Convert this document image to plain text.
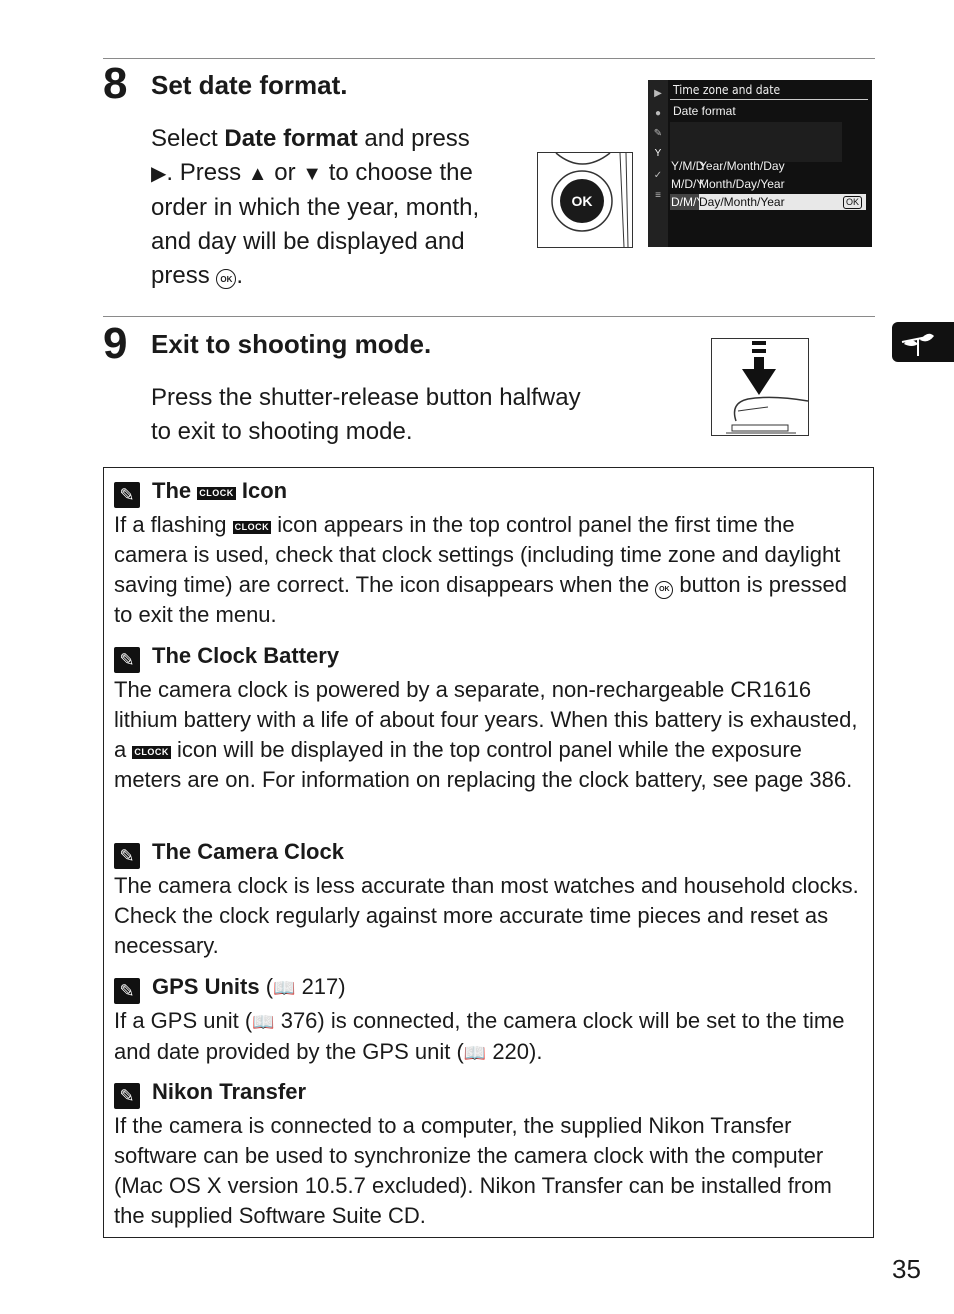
8 Set date format.
Select Date format and press
▶. Press ▲ or ▼ to choose the
order in which the year, month,
and day will be displayed and
press OK .
OK
▶
●
✎
Y
✓
≡
Time zone and date
Date format
Y/M/DYear/Month/Day
M/D/YMonth/Day/Year
D/M/YDay/Month/Year	OK
9 Exit to shooting mode.
Press the shutter-release button halfway
to exit to shooting mode.
✎ The CLOCK Icon
If a flashing CLOCK icon appears in the top control panel the first time the camera is used, check that clock settings (including time zone and daylight saving time) are correct. The icon disappears when the OK button is pressed to exit the menu.
✎ The Clock Battery
The camera clock is powered by a separate, non-rechargeable CR1616 lithium battery with a life of about four years. When this battery is exhausted, a CLOCK icon will be displayed in the top control panel while the exposure meters are on. For information on replacing the clock battery, see page 386.
✎ The Camera Clock
The camera clock is less accurate than most watches and household clocks. Check the clock regularly against more accurate time pieces and reset as necessary.
✎ GPS Units (📖 217)
If a GPS unit (📖 376) is connected, the camera clock will be set to the time and date provided by the GPS unit (📖 220).
✎ Nikon Transfer
If the camera is connected to a computer, the supplied Nikon Transfer software can be used to synchronize the camera clock with the computer (Mac OS X version 10.5.7 excluded). Nikon Transfer can be installed from the supplied Software Suite CD.
35
